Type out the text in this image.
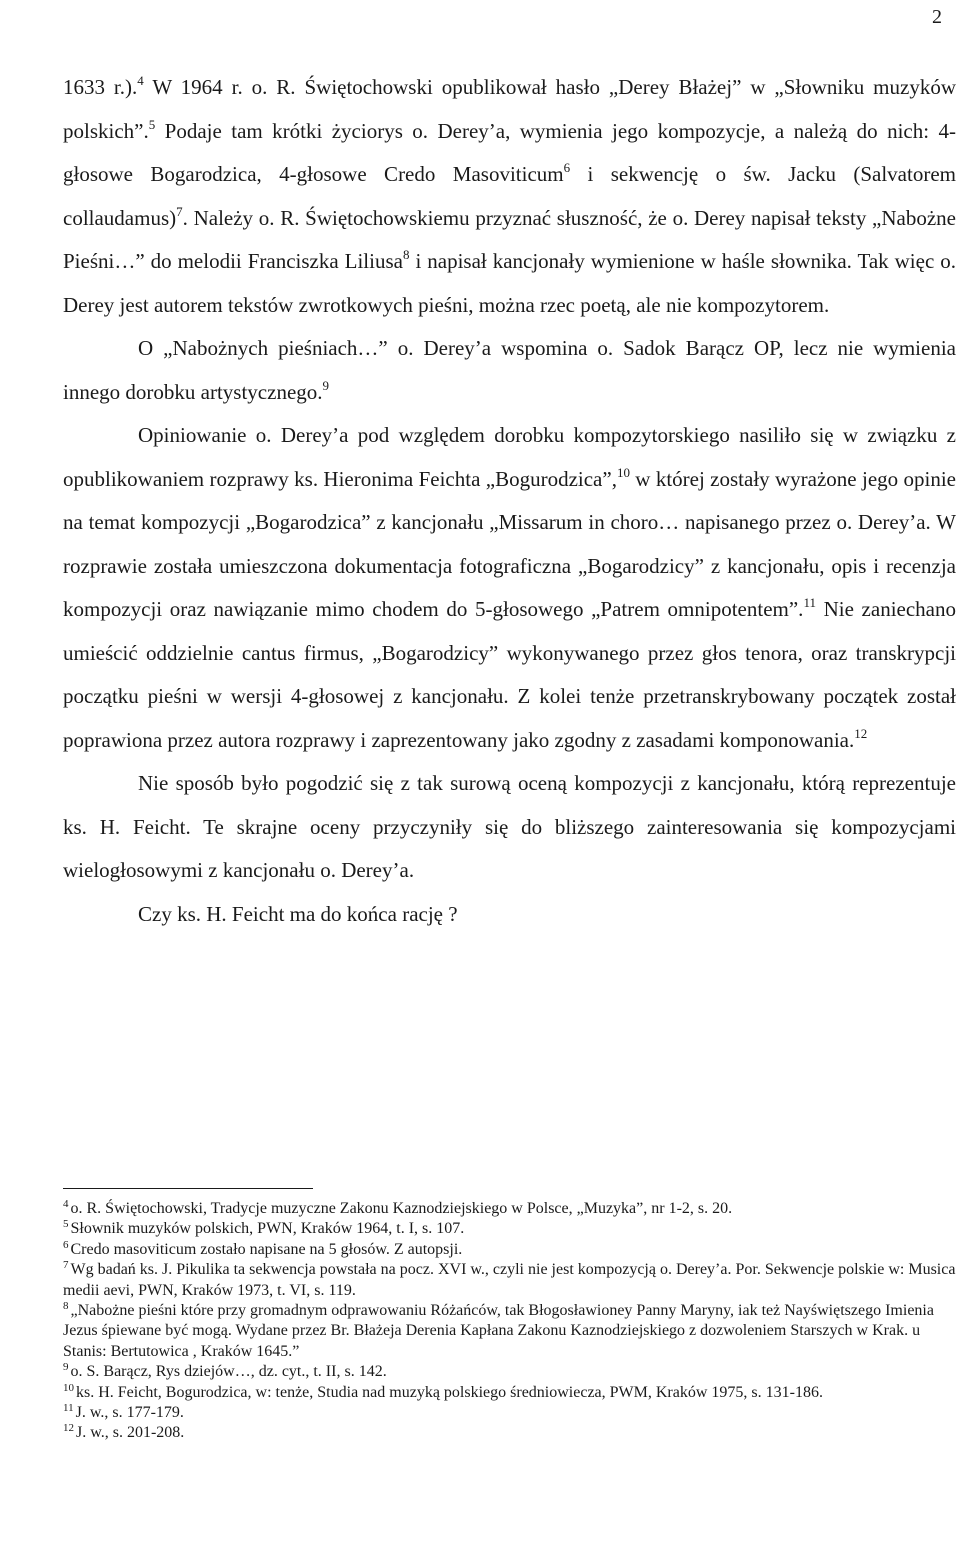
2

1633 r.).$^4$ W 1964 r. o. R. Świętochowski opublikował hasło „Derey Błażej” w „Słowniku muzyków polskich”.$^5$ Podaje tam krótki życiorys o. Derey’a, wymienia jego kompozycje, a należą do nich: 4-głosowe Bogarodzica, 4-głosowe Credo Masoviticum$^6$ i sekwencję o św. Jacku (Salvatorem collaudamus)$^7$. Należy o. R. Świętochowskiemu przyznać słuszność, że o. Derey napisał teksty „Nabożne Pieśni…” do melodii Franciszka Liliusa$^8$ i napisał kancjonały wymienione w haśle słownika. Tak więc o. Derey jest autorem tekstów zwrotkowych pieśni, można rzec poetą, ale nie kompozytorem.

O „Nabożnych pieśniach…” o. Derey’a wspomina o. Sadok Barącz OP, lecz nie wymienia innego dorobku artystycznego.$^9$

Opiniowanie o. Derey’a pod względem dorobku kompozytorskiego nasiliło się w związku z opublikowaniem rozprawy ks. Hieronima Feichta „Bogurodzica”,$^{10}$ w której zostały wyrażone jego opinie na temat kompozycji „Bogarodzica” z kancjonału „Missarum in choro… napisanego przez o. Derey’a. W rozprawie została umieszczona dokumentacja fotograficzna „Bogarodzicy” z kancjonału, opis i recenzja kompozycji oraz nawiązanie mimo chodem do 5-głosowego „Patrem omnipotentem”.$^{11}$ Nie zaniechano umieścić oddzielnie cantus firmus, „Bogarodzicy” wykonywanego przez głos tenora, oraz transkrypcji początku pieśni w wersji 4-głosowej z kancjonału. Z kolei tenże przetranskrybowany początek został poprawiona przez autora rozprawy i zaprezentowany jako zgodny z zasadami komponowania.$^{12}$

Nie sposób było pogodzić się z tak surową oceną kompozycji z kancjonału, którą reprezentuje ks. H. Feicht. Te skrajne oceny przyczyniły się do bliższego zainteresowania się kompozycjami wielogłosowymi z kancjonału o. Derey’a.

Czy ks. H. Feicht ma do końca rację ?

$^4$ o. R. Świętochowski, Tradycje muzyczne Zakonu Kaznodziejskiego w Polsce, „Muzyka”, nr 1-2, s. 20.
$^5$ Słownik muzyków polskich, PWN, Kraków 1964, t. I, s. 107.
$^6$ Credo masoviticum zostało napisane na 5 głosów. Z autopsji.
$^7$ Wg badań ks. J. Pikulika ta sekwencja powstała na pocz. XVI w., czyli nie jest kompozycją o. Derey’a. Por. Sekwencje polskie w: Musica medii aevi, PWN, Kraków 1973, t. VI, s. 119.
$^8$ „Nabożne pieśni które przy gromadnym odprawowaniu Różańców, tak Błogosławioney Panny Maryny, iak też Nayświętszego Imienia Jezus śpiewane być mogą. Wydane przez Br. Błażeja Derenia Kapłana Zakonu Kaznodziejskiego z dozwoleniem Starszych w Krak. u Stanis: Bertutowica , Kraków 1645.”
$^9$ o. S. Barącz, Rys dziejów…, dz. cyt., t. II, s. 142.
$^{10}$ ks. H. Feicht, Bogurodzica, w: tenże, Studia nad muzyką polskiego średniowiecza, PWM, Kraków 1975, s. 131-186.
$^{11}$ J. w., s. 177-179.
$^{12}$ J. w., s. 201-208.
